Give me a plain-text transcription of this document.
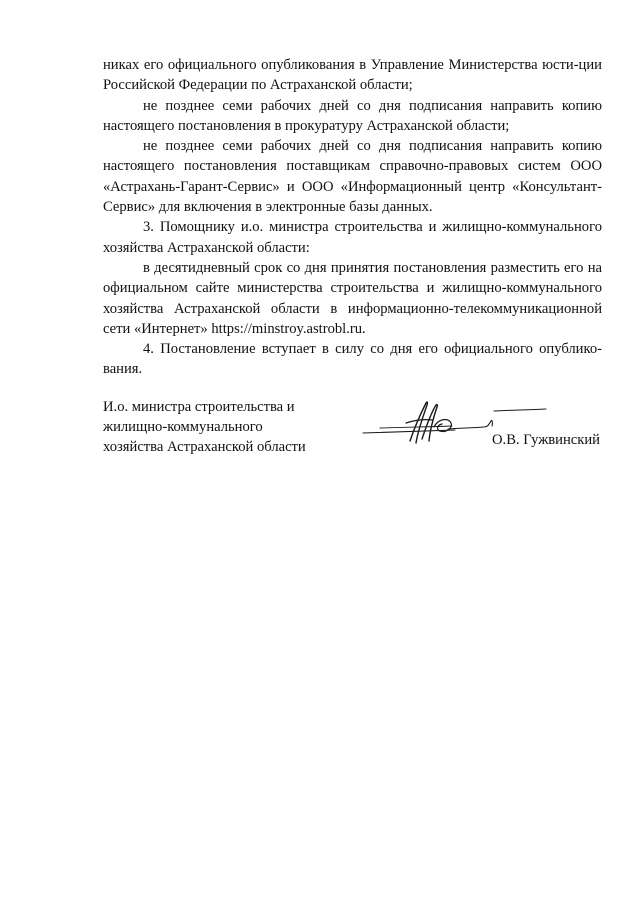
никах его официального опубликования в Управление Министерства юсти-ции Российской Федерации по Астраханской области;

не позднее семи рабочих дней со дня подписания направить копию настоящего постановления в прокуратуру Астраханской области;

не позднее семи рабочих дней со дня подписания направить копию настоящего постановления поставщикам справочно-правовых систем ООО «Астрахань-Гарант-Сервис» и ООО «Информационный центр «Консультант-Сервис» для включения в электронные базы данных.

3. Помощнику и.о. министра строительства и жилищно-коммунального хозяйства Астраханской области:

в десятидневный срок со дня принятия постановления разместить его на официальном сайте министерства строительства и жилищно-коммунального хозяйства Астраханской области в информационно-телекоммуникационной сети «Интернет» https://minstroy.astrobl.ru.

4. Постановление вступает в силу со дня его официального опублико-вания.

И.о. министра строительства и
жилищно-коммунального
хозяйства Астраханской области	О.В. Гужвинский
